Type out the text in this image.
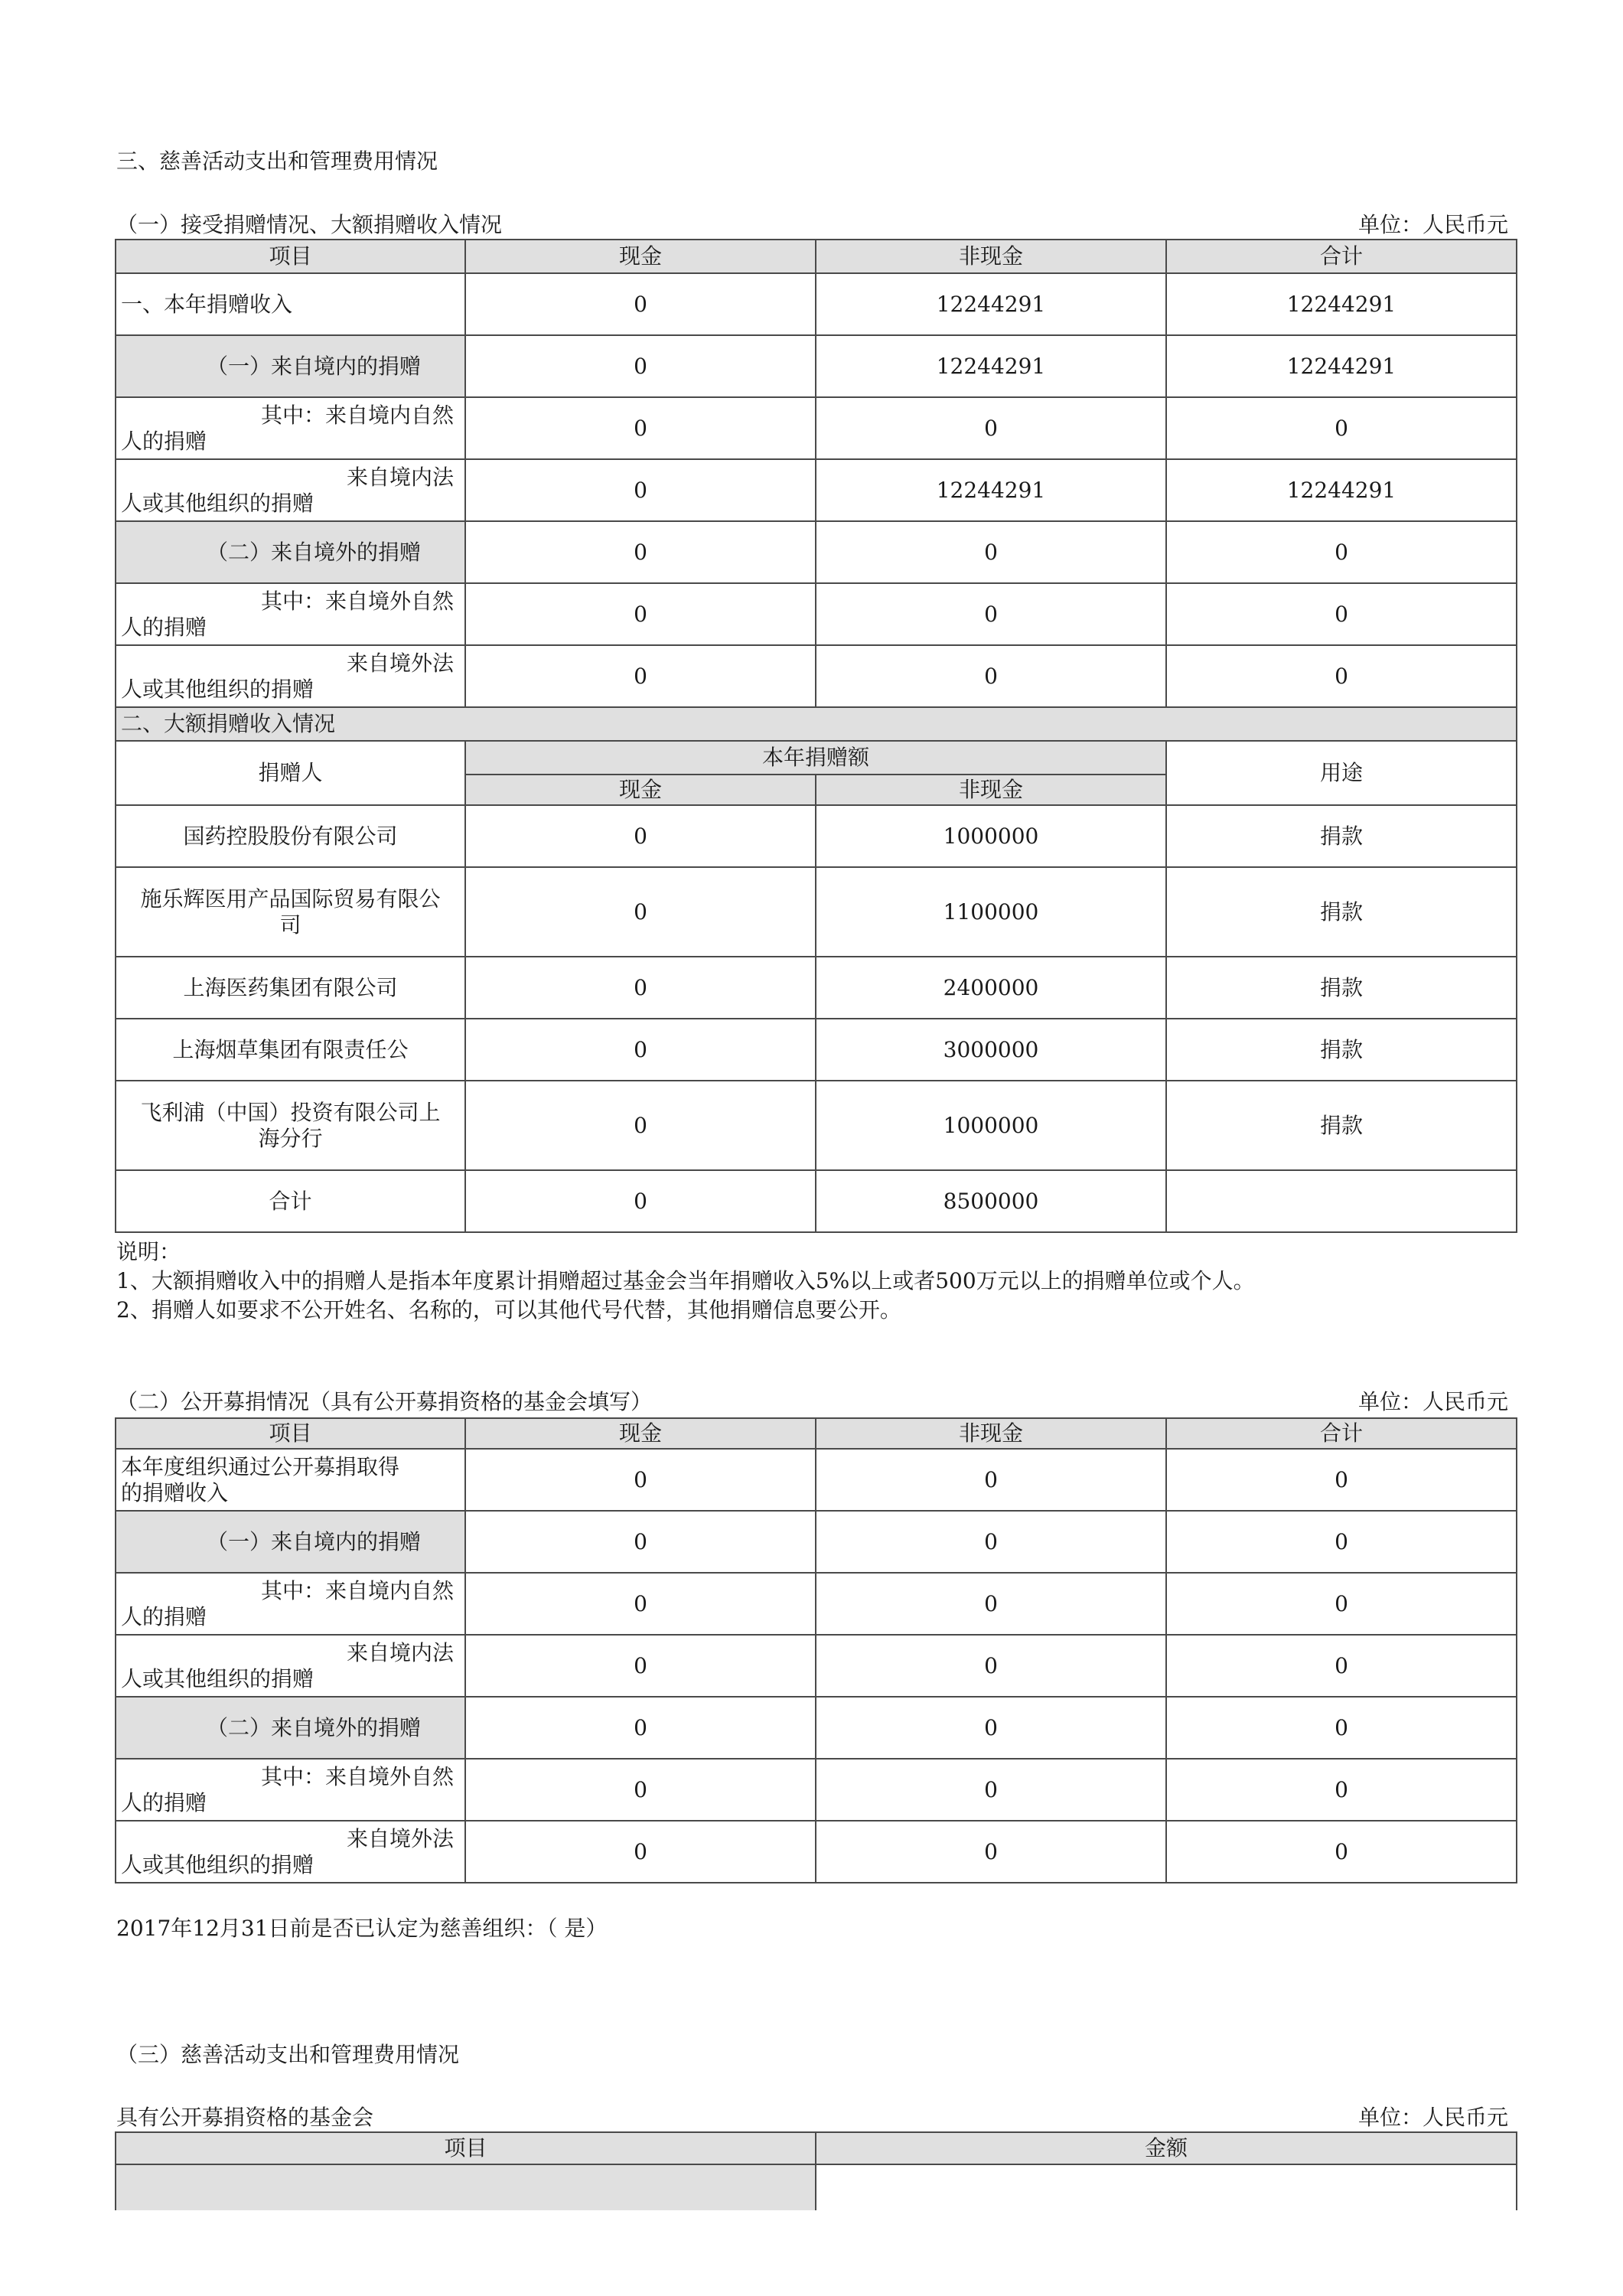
三、慈善活动支出和管理费用情况
（一）接受捐赠情况、大额捐赠收入情况	单位：人民币元
项目	现金	非现金	合计
一、本年捐赠收入	0	12244291	12244291
（一）来自境内的捐赠	0	12244291	12244291

其中：来自境内自然
人的捐赠	0	0	0

来自境内法
人或其他组织的捐赠	0	12244291	12244291
（二）来自境外的捐赠	0	0	0

其中：来自境外自然
人的捐赠	0	0	0

来自境外法
人或其他组织的捐赠	0	0	0
二、大额捐赠收入情况			
捐赠人	本年捐赠额		用途
	现金	非现金	
国药控股股份有限公司	0	1000000	捐款
施乐辉医用产品国际贸易有限公司	0	1100000	捐款
上海医药集团有限公司	0	2400000	捐款
上海烟草集团有限责任公	0	3000000	捐款
飞利浦（中国）投资有限公司上海分行	0	1000000	捐款
合计	0	8500000	
说明：
1、大额捐赠收入中的捐赠人是指本年度累计捐赠超过基金会当年捐赠收入5%以上或者500万元以上的捐赠单位或个人。
2、捐赠人如要求不公开姓名、名称的，可以其他代号代替，其他捐赠信息要公开。
（二）公开募捐情况（具有公开募捐资格的基金会填写）	单位：人民币元
项目	现金	非现金	合计

本年度组织通过公开募捐取得
的捐赠收入	0	0	0
（一）来自境内的捐赠	0	0	0

其中：来自境内自然
人的捐赠	0	0	0

来自境内法
人或其他组织的捐赠	0	0	0
（二）来自境外的捐赠	0	0	0

其中：来自境外自然
人的捐赠	0	0	0

来自境外法
人或其他组织的捐赠	0	0	0
2017年12月31日前是否已认定为慈善组织：（ 是）
（三）慈善活动支出和管理费用情况
具有公开募捐资格的基金会	单位：人民币元
项目	金额
